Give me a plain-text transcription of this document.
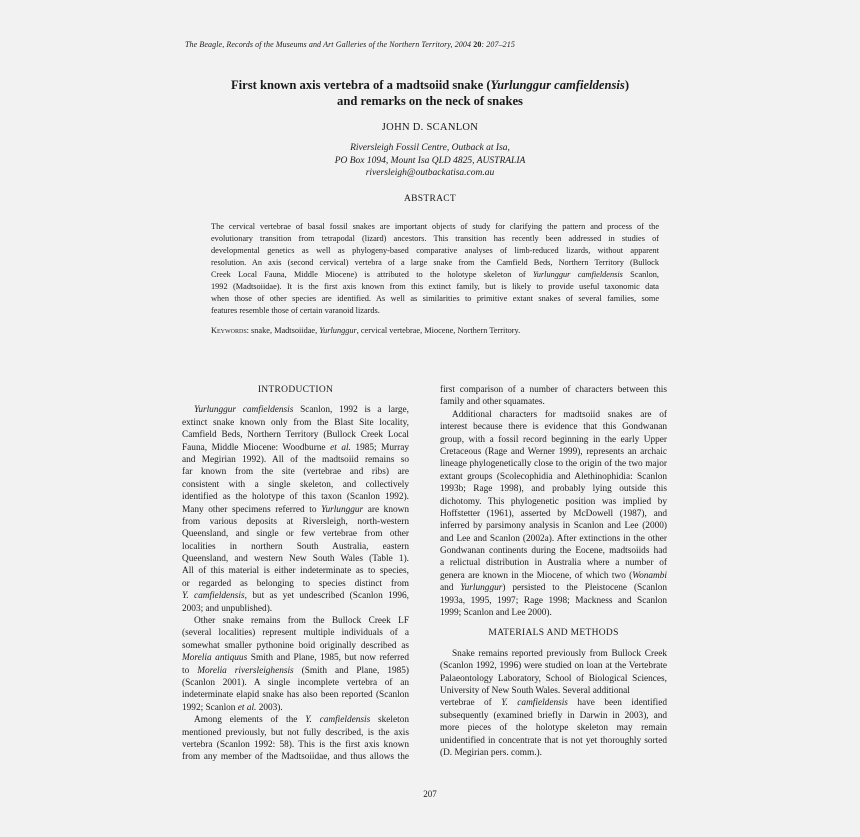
The Beagle, Records of the Museums and Art Galleries of the Northern Territory, 2004 20: 207–215
First known axis vertebra of a madtsoiid snake (Yurlunggur camfieldensis)
and remarks on the neck of snakes
JOHN D. SCANLON
Riversleigh Fossil Centre, Outback at Isa,
PO Box 1094, Mount Isa QLD 4825, AUSTRALIA
riversleigh@outbackatisa.com.au
ABSTRACT
The cervical vertebrae of basal fossil snakes are important objects of study for clarifying the pattern and process of the
evolutionary transition from tetrapodal (lizard) ancestors. This transition has recently been addressed in studies of
developmental genetics as well as phylogeny-based comparative analyses of limb-reduced lizards, without apparent
resolution. An axis (second cervical) vertebra of a large snake from the Camfield Beds, Northern Territory (Bullock
Creek Local Fauna, Middle Miocene) is attributed to the holotype skeleton of Yurlunggur camfieldensis Scanlon,
1992 (Madtsoiidae). It is the first axis known from this extinct family, but is likely to provide useful taxonomic data
when those of other species are identified. As well as similarities to primitive extant snakes of several families, some
features resemble those of certain varanoid lizards.
Keywords: snake, Madtsoiidae, Yurlunggur, cervical vertebrae, Miocene, Northern Territory.
INTRODUCTION
Yurlunggur camfieldensis Scanlon, 1992 is a large,
extinct snake known only from the Blast Site locality,
Camfield Beds, Northern Territory (Bullock Creek Local
Fauna, Middle Miocene: Woodburne et al. 1985; Murray
and Megirian 1992). All of the madtsoiid remains so
far known from the site (vertebrae and ribs) are
consistent with a single skeleton, and collectively
identified as the holotype of this taxon (Scanlon 1992).
Many other specimens referred to Yurlunggur are known
from various deposits at Riversleigh, north-western
Queensland, and single or few vertebrae from other
localities in northern South Australia, eastern
Queensland, and western New South Wales (Table 1).
All of this material is either indeterminate as to species,
or regarded as belonging to species distinct from
Y. camfieldensis, but as yet undescribed (Scanlon 1996,
2003; and unpublished).
Other snake remains from the Bullock Creek LF
(several localities) represent multiple individuals of a
somewhat smaller pythonine boid originally described as
Morelia antiquus Smith and Plane, 1985, but now referred
to Morelia riversleighensis (Smith and Plane, 1985)
(Scanlon 2001). A single incomplete vertebra of an
indeterminate elapid snake has also been reported (Scanlon
1992; Scanlon et al. 2003).
Among elements of the Y. camfieldensis skeleton
mentioned previously, but not fully described, is the axis
vertebra (Scanlon 1992: 58). This is the first axis known
from any member of the Madtsoiidae, and thus allows the
first comparison of a number of characters between this
family and other squamates.
Additional characters for madtsoiid snakes are of
interest because there is evidence that this Gondwanan
group, with a fossil record beginning in the early Upper
Cretaceous (Rage and Werner 1999), represents an archaic
lineage phylogenetically close to the origin of the two major
extant groups (Scolecophidia and Alethinophidia: Scanlon
1993b; Rage 1998), and probably lying outside this
dichotomy. This phylogenetic position was implied by
Hoffstetter (1961), asserted by McDowell (1987), and
inferred by parsimony analysis in Scanlon and Lee (2000)
and Lee and Scanlon (2002a). After extinctions in the other
Gondwanan continents during the Eocene, madtsoiids had
a relictual distribution in Australia where a number of
genera are known in the Miocene, of which two (Wonambi
and Yurlunggur) persisted to the Pleistocene (Scanlon
1993a, 1995, 1997; Rage 1998; Mackness and Scanlon
1999; Scanlon and Lee 2000).
MATERIALS AND METHODS
Snake remains reported previously from Bullock Creek
(Scanlon 1992, 1996) were studied on loan at the Vertebrate
Palaeontology Laboratory, School of Biological Sciences,
University of New South Wales. Several additional
vertebrae of Y. camfieldensis have been identified
subsequently (examined briefly in Darwin in 2003), and
more pieces of the holotype skeleton may remain
unidentified in concentrate that is not yet thoroughly sorted
(D. Megirian pers. comm.).
207
